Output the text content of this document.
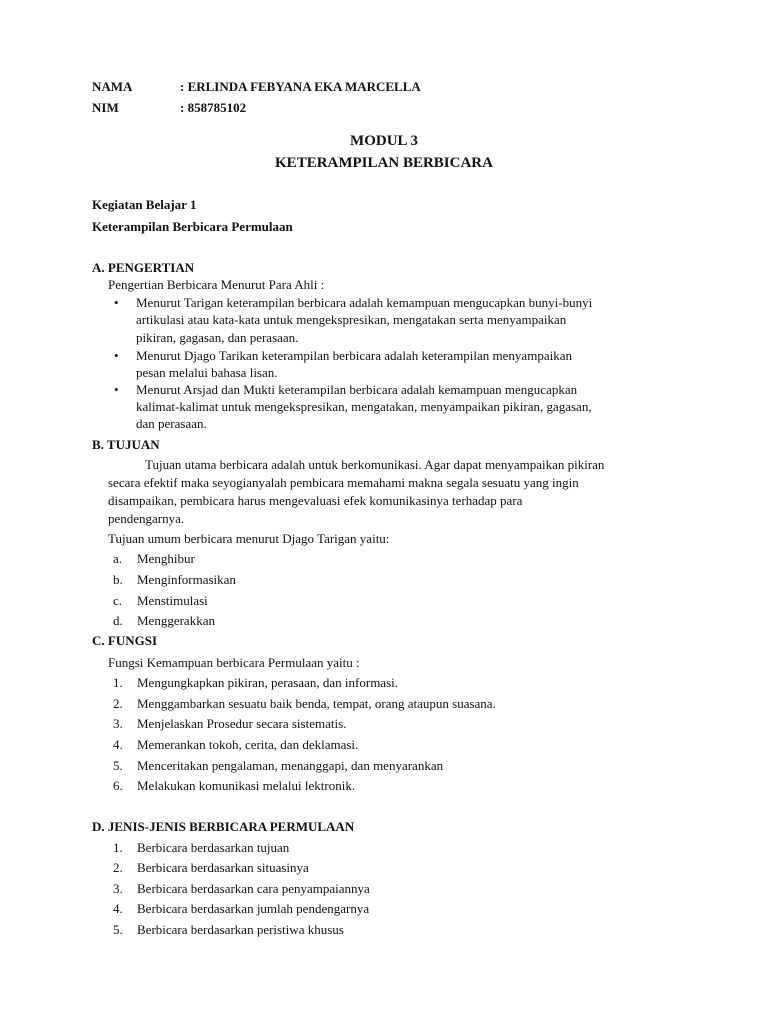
NAMA	: ERLINDA FEBYANA EKA MARCELLA
NIM	: 858785102
MODUL 3
KETERAMPILAN BERBICARA
Kegiatan Belajar 1
Keterampilan Berbicara Permulaan
A. PENGERTIAN
Pengertian Berbicara Menurut Para Ahli :
• Menurut Tarigan keterampilan berbicara adalah kemampuan mengucapkan bunyi-bunyi
artikulasi atau kata-kata untuk mengekspresikan, mengatakan serta menyampaikan
pikiran, gagasan, dan perasaan.
• Menurut Djago Tarikan keterampilan berbicara adalah keterampilan menyampaikan
pesan melalui bahasa lisan.
• Menurut Arsjad dan Mukti keterampilan berbicara adalah kemampuan mengucapkan
kalimat-kalimat untuk mengekspresikan, mengatakan, menyampaikan pikiran, gagasan,
dan perasaan.
B. TUJUAN
Tujuan utama berbicara adalah untuk berkomunikasi. Agar dapat menyampaikan pikiran
secara efektif maka seyogianyalah pembicara memahami makna segala sesuatu yang ingin
disampaikan, pembicara harus mengevaluasi efek komunikasinya terhadap para
pendengarnya.
Tujuan umum berbicara menurut Djago Tarigan yaitu:
a. Menghibur
b. Menginformasikan
c. Menstimulasi
d. Menggerakkan
C. FUNGSI
Fungsi Kemampuan berbicara Permulaan yaitu :
1. Mengungkapkan pikiran, perasaan, dan informasi.
2. Menggambarkan sesuatu baik benda, tempat, orang ataupun suasana.
3. Menjelaskan Prosedur secara sistematis.
4. Memerankan tokoh, cerita, dan deklamasi.
5. Menceritakan pengalaman, menanggapi, dan menyarankan
6. Melakukan komunikasi melalui lektronik.
D. JENIS-JENIS BERBICARA PERMULAAN
1. Berbicara berdasarkan tujuan
2. Berbicara berdasarkan situasinya
3. Berbicara berdasarkan cara penyampaiannya
4. Berbicara berdasarkan jumlah pendengarnya
5. Berbicara berdasarkan peristiwa khusus
